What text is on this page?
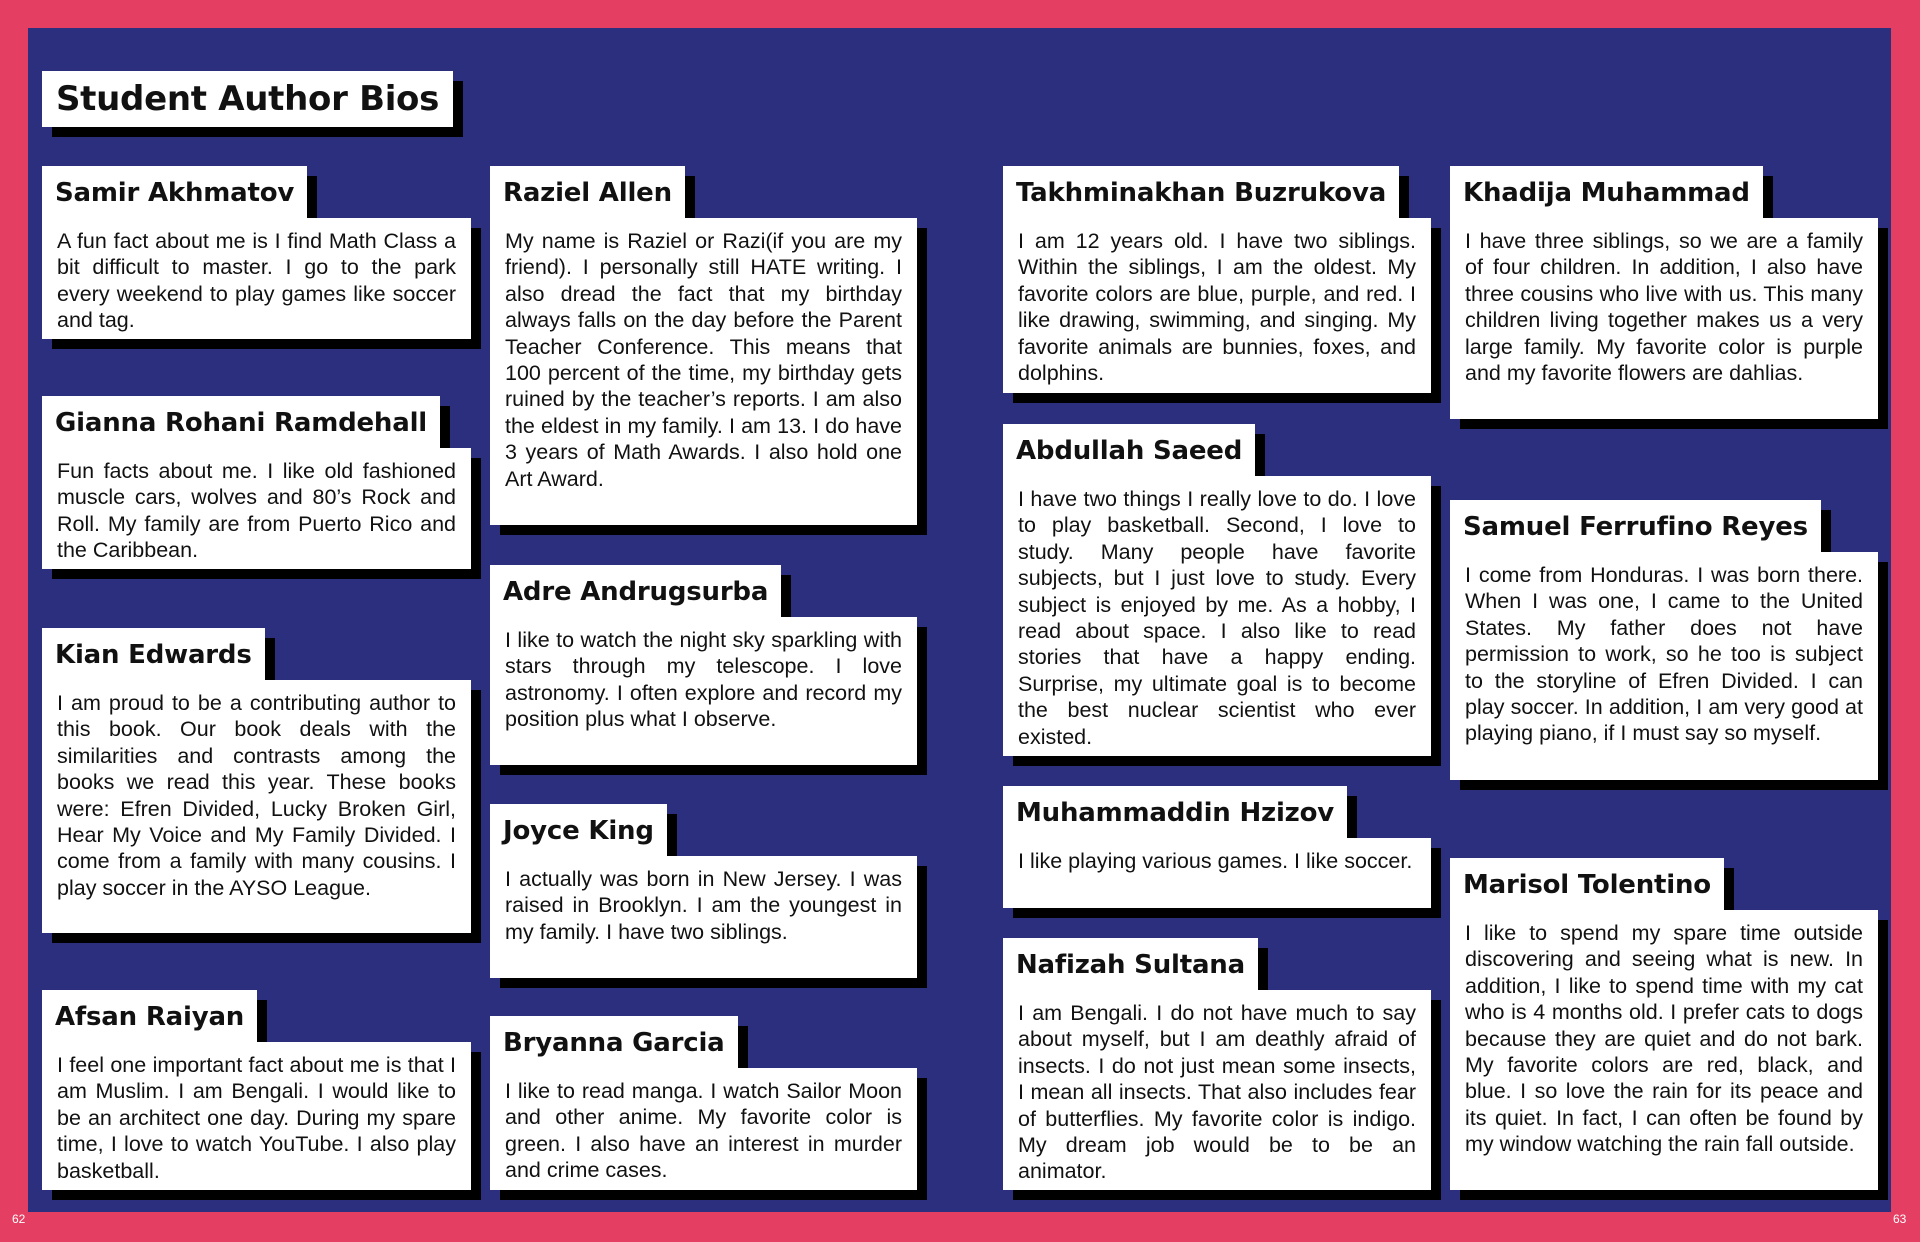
Student Author Bios
Samir Akhmatov

A fun fact about me is I find Math Class a bit difficult to master. I go to the park every weekend to play games like soccer and tag.

Gianna Rohani Ramdehall

Fun facts about me. I like old fashioned muscle cars, wolves and 80’s Rock and Roll. My family are from Puerto Rico and the Caribbean.

Kian Edwards

I am proud to be a contributing author to this book. Our book deals with the similarities and contrasts among the books we read this year. These books were: Efren Divided, Lucky Broken Girl, Hear My Voice and My Family Divided. I come from a family with many cousins. I play soccer in the AYSO League.

Afsan Raiyan

I feel one important fact about me is that I am Muslim. I am Bengali. I would like to be an architect one day. During my spare time, I love to watch YouTube. I also play basketball.

Raziel Allen

My name is Raziel or Razi(if you are my friend). I personally still HATE writing. I also dread the fact that my birthday always falls on the day before the Parent Teacher Conference. This means that 100 percent of the time, my birthday gets ruined by the teacher’s reports. I am also the eldest in my family. I am 13. I do have 3 years of Math Awards. I also hold one Art Award.

Adre Andrugsurba

I like to watch the night sky sparkling with stars through my telescope. I love astronomy. I often explore and record my position plus what I observe.

Joyce King

I actually was born in New Jersey. I was raised in Brooklyn. I am the youngest in my family. I have two siblings.

Bryanna Garcia

I like to read manga. I watch Sailor Moon and other anime. My favorite color is green. I also have an interest in murder and crime cases.

Takhminakhan Buzrukova

I am 12 years old. I have two siblings. Within the siblings, I am the oldest. My favorite colors are blue, purple, and red. I like drawing, swimming, and singing. My favorite animals are bunnies, foxes, and dolphins.

Abdullah Saeed

I have two things I really love to do. I love to play basketball. Second, I love to study. Many people have favorite subjects, but I just love to study. Every subject is enjoyed by me. As a hobby, I read about space. I also like to read stories that have a happy ending. Surprise, my ultimate goal is to become the best nuclear scientist who ever existed.

Muhammaddin Hzizov

I like playing various games. I like soccer.

Nafizah Sultana

I am Bengali. I do not have much to say about myself, but I am deathly afraid of insects. I do not just mean some insects, I mean all insects. That also includes fear of butterflies. My favorite color is indigo. My dream job would be to be an animator.

Khadija Muhammad

I have three siblings, so we are a family of four children. In addition, I also have three cousins who live with us. This many children living together makes us a very large family. My favorite color is purple and my favorite flowers are dahlias.

Samuel Ferrufino Reyes

I come from Honduras. I was born there. When I was one, I came to the United States. My father does not have permission to work, so he too is subject to the storyline of Efren Divided. I can play soccer. In addition, I am very good at playing piano, if I must say so myself.

Marisol Tolentino

I like to spend my spare time outside discovering and seeing what is new. In addition, I like to spend time with my cat who is 4 months old. I prefer cats to dogs because they are quiet and do not bark. My favorite colors are red, black, and blue. I so love the rain for its peace and its quiet. In fact, I can often be found by my window watching the rain fall outside.

62	63
